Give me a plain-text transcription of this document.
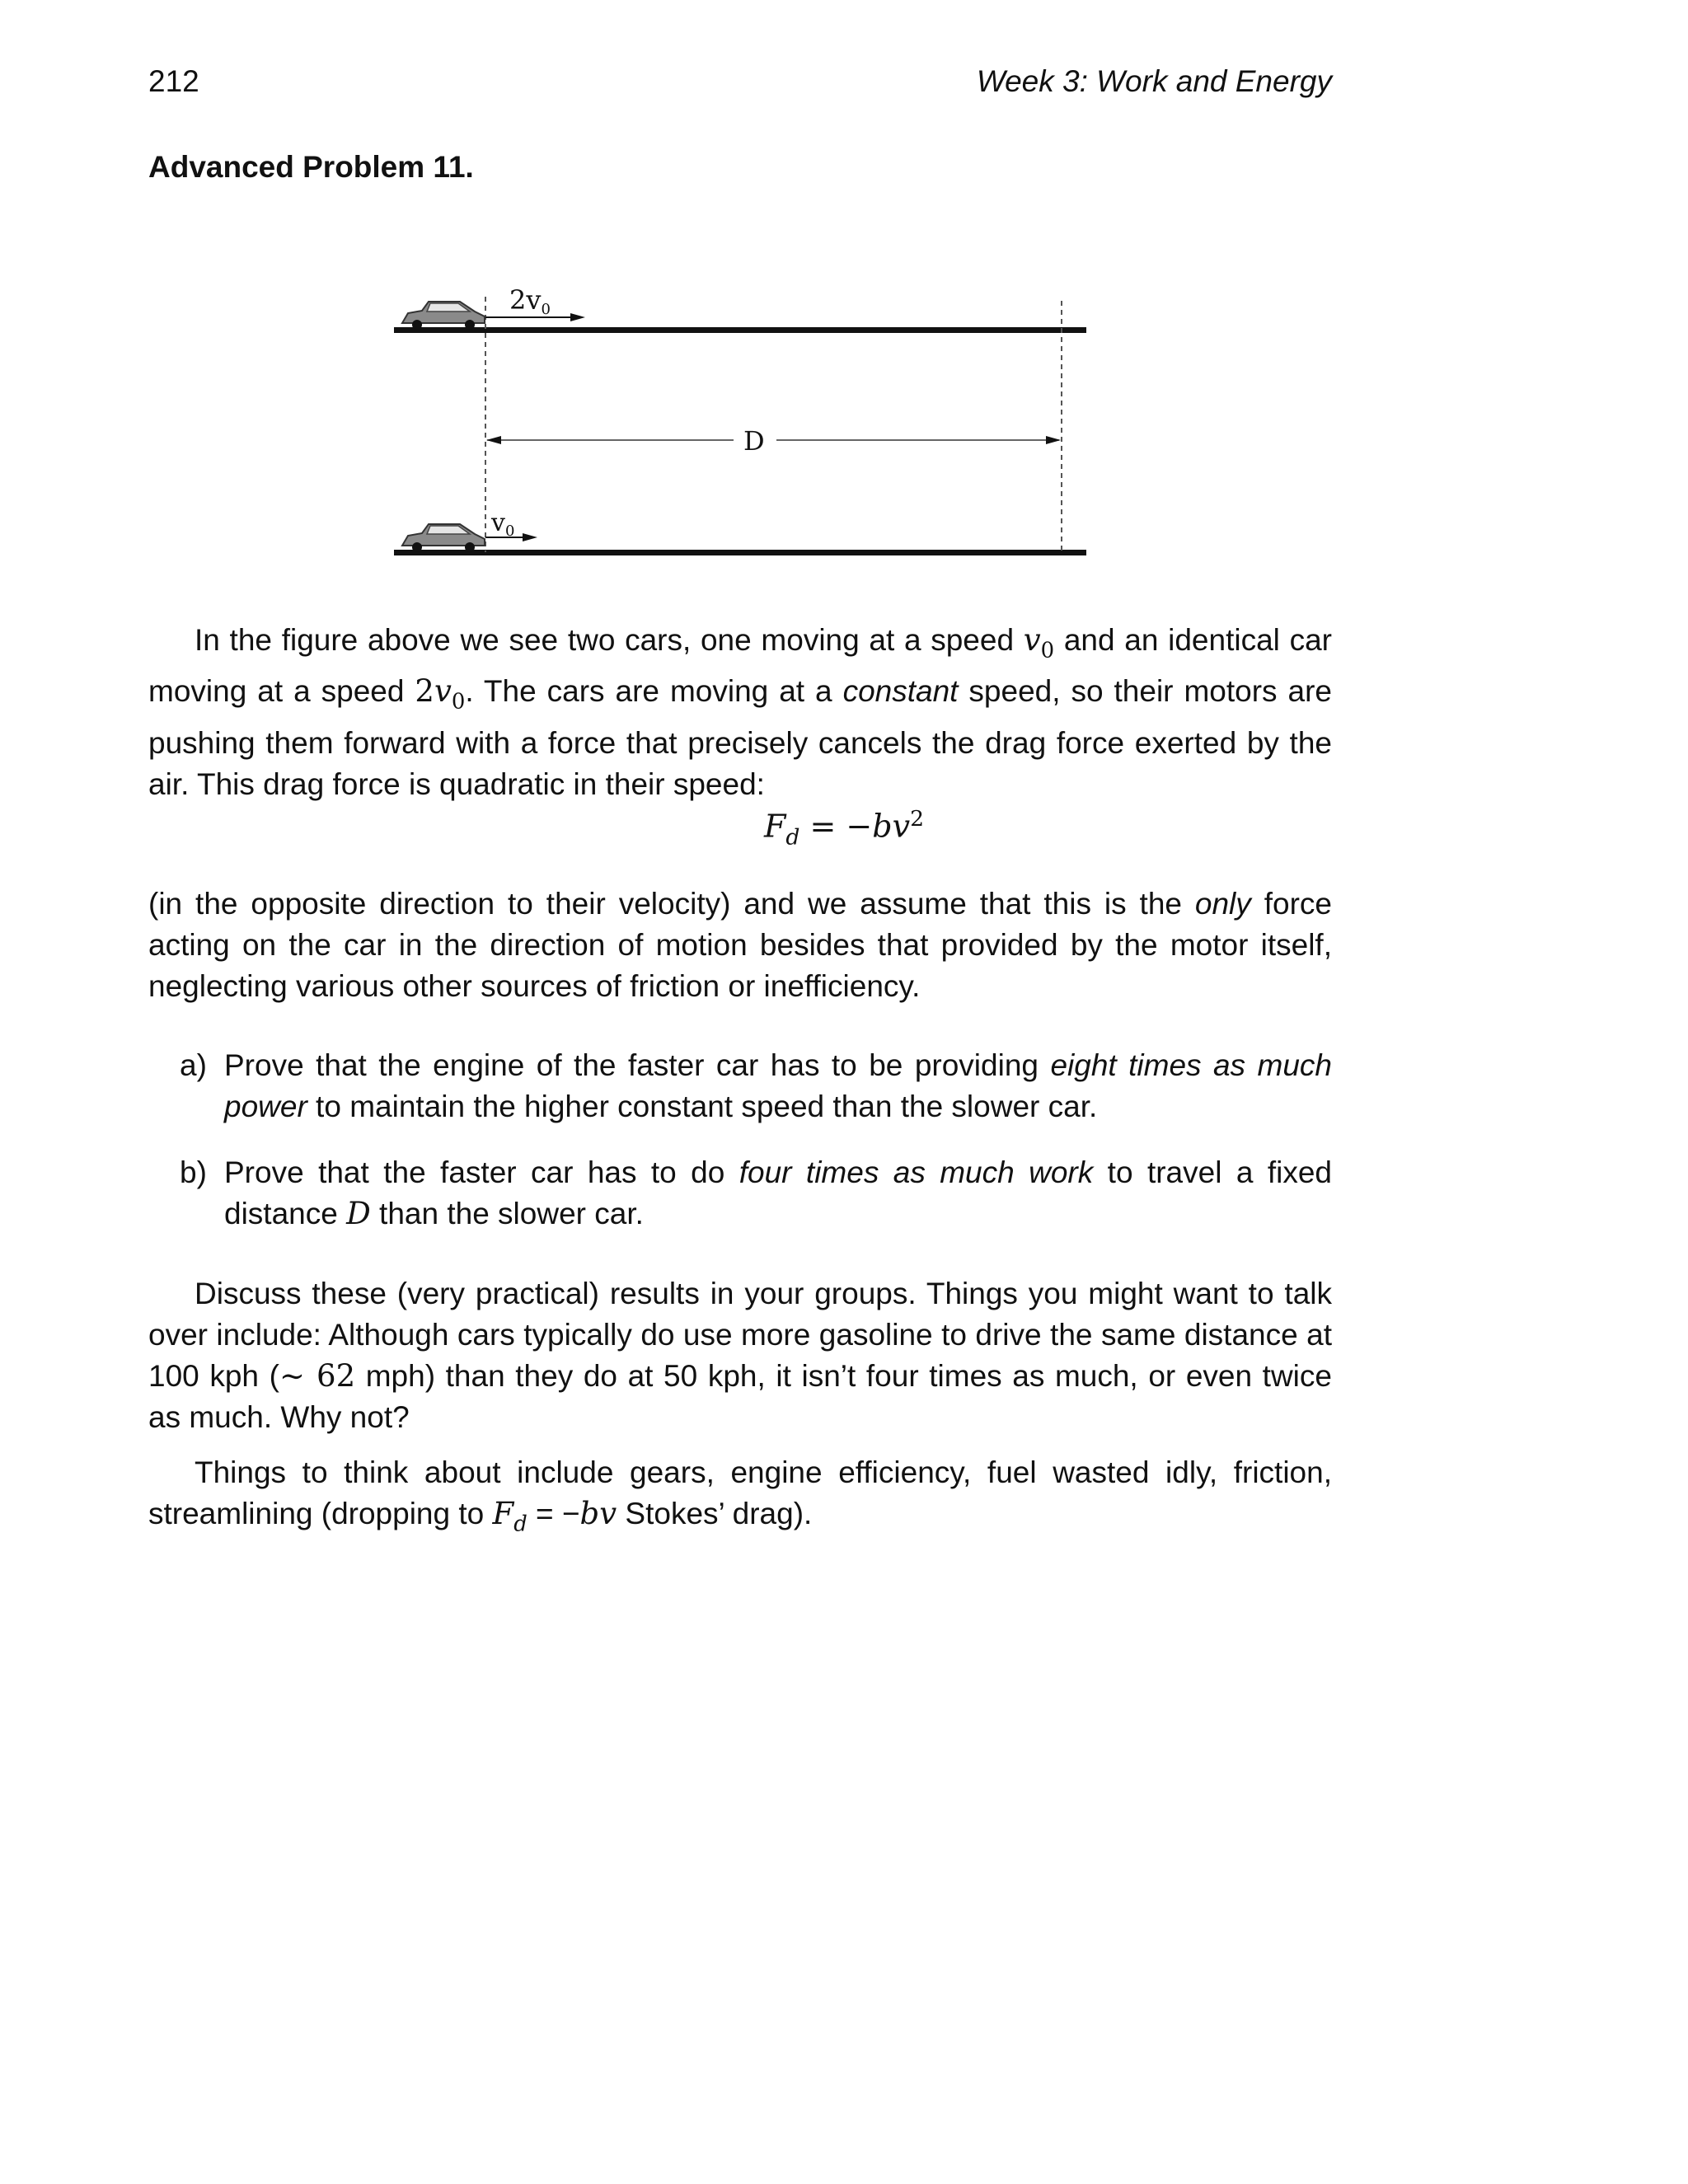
212	Week 3: Work and Energy
Advanced Problem 11.
2v0
D
$v_0$
In the figure above we see two cars, one moving at a speed $v_0$ and an identical car moving at a speed $2v_0$. The cars are moving at a constant speed, so their motors are pushing them forward with a force that precisely cancels the drag force exerted by the air. This drag force is quadratic in their speed:
$F_d = -bv^2$
(in the opposite direction to their velocity) and we assume that this is the only force acting on the car in the direction of motion besides that provided by the motor itself, neglecting various other sources of friction or inefficiency.
a) Prove that the engine of the faster car has to be providing eight times as much power to maintain the higher constant speed than the slower car.
b) Prove that the faster car has to do four times as much work to travel a fixed distance D than the slower car.
Discuss these (very practical) results in your groups. Things you might want to talk over include: Although cars typically do use more gasoline to drive the same distance at 100 kph (∼ 62 mph) than they do at 50 kph, it isn’t four times as much, or even twice as much. Why not?
Things to think about include gears, engine efficiency, fuel wasted idly, friction, streamlining (dropping to $F_d = -bv$ Stokes’ drag).
